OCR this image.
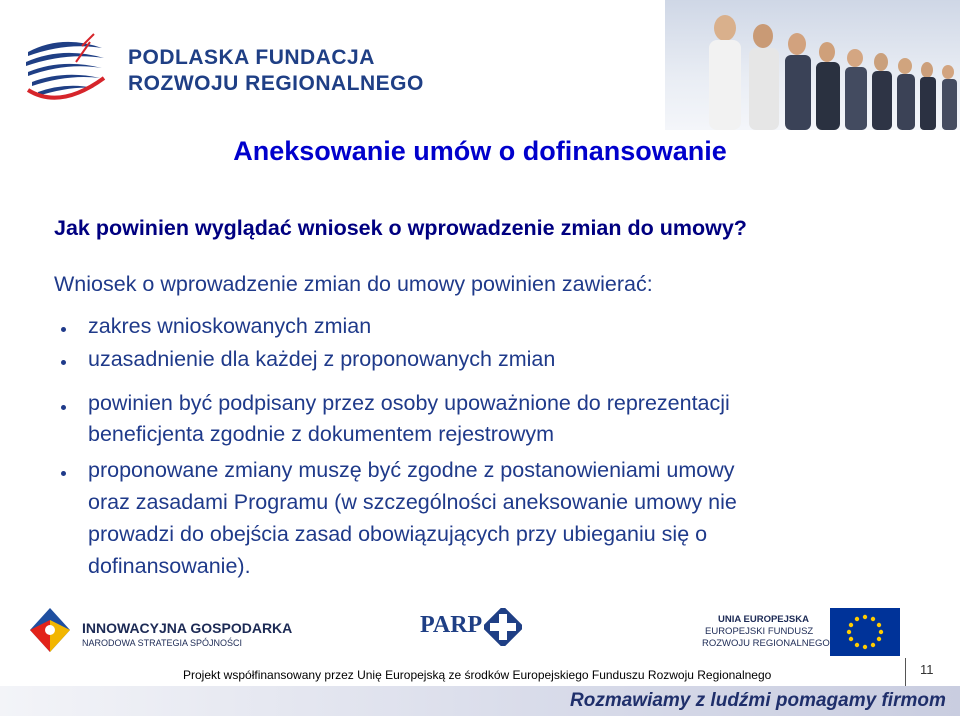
PODLASKA FUNDACJA
ROZWOJU REGIONALNEGO
Aneksowanie umów o dofinansowanie
Jak powinien wyglądać wniosek o wprowadzenie zmian do umowy?
Wniosek o wprowadzenie zmian do umowy powinien zawierać:
zakres wnioskowanych zmian
uzasadnienie dla każdej z proponowanych zmian
powinien być podpisany przez osoby upoważnione do reprezentacji
beneficjenta zgodnie z dokumentem rejestrowym
proponowane zmiany muszę być zgodne z postanowieniami umowy
oraz zasadami Programu (w szczególności aneksowanie umowy nie
prowadzi do obejścia zasad obowiązujących przy ubieganiu się o
dofinansowanie).
INNOWACYJNA GOSPODARKA
NARODOWA STRATEGIA SPÓJNOŚCI
PARP	UNIA EUROPEJSKA
EUROPEJSKI FUNDUSZ
ROZWOJU REGIONALNEGO
Projekt współfinansowany przez Unię Europejską ze środków Europejskiego Funduszu Rozwoju Regionalnego	11
Rozmawiamy z ludźmi pomagamy firmom
